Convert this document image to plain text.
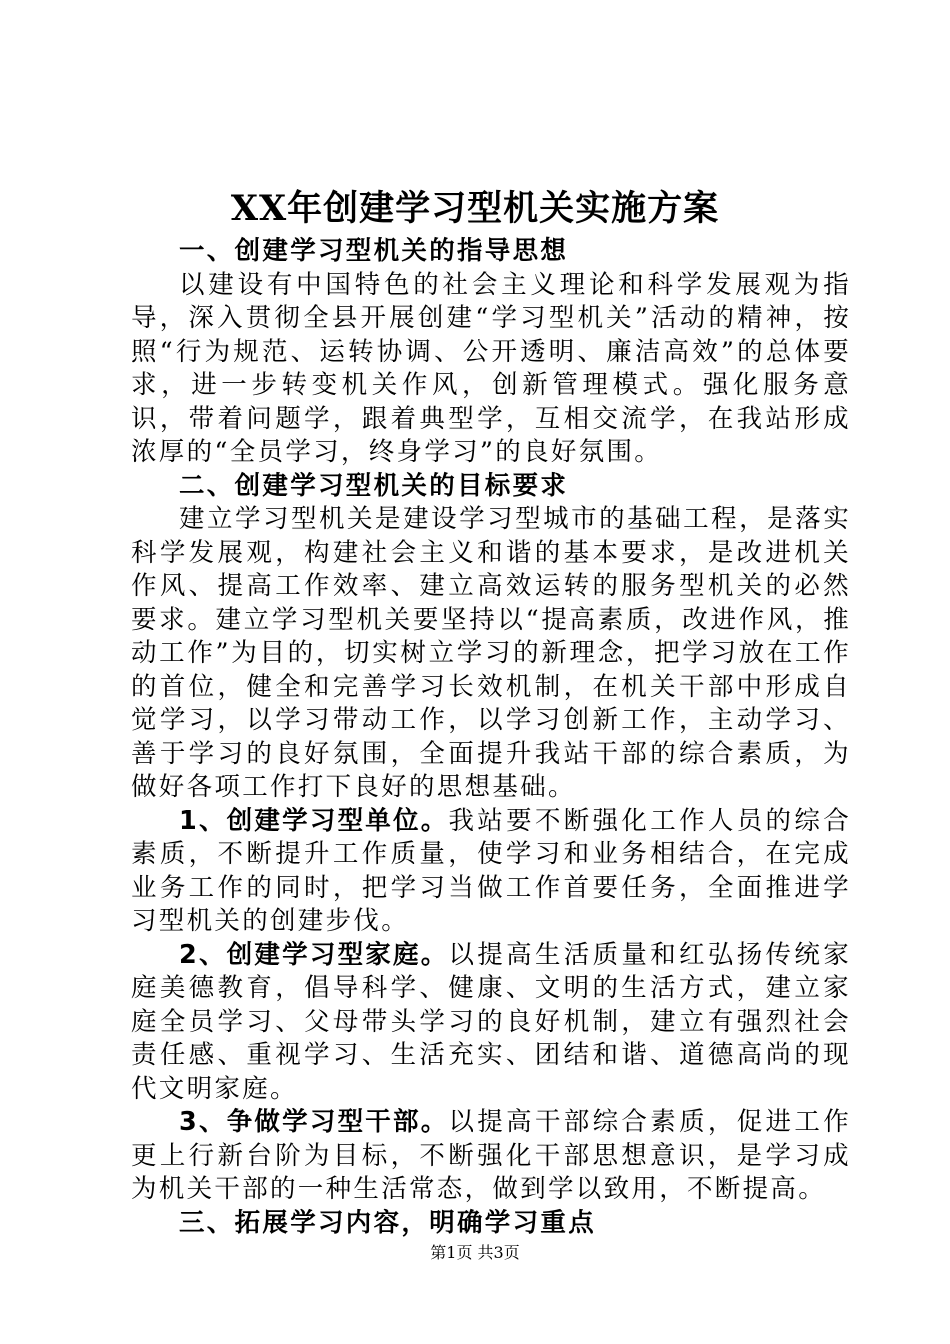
XX年创建学习型机关实施方案

一、创建学习型机关的指导思想

以建设有中国特色的社会主义理论和科学发展观为指导，深入贯彻全县开展创建“学习型机关”活动的精神，按照“行为规范、运转协调、公开透明、廉洁高效”的总体要求，进一步转变机关作风，创新管理模式。强化服务意识，带着问题学，跟着典型学，互相交流学，在我站形成浓厚的“全员学习，终身学习”的良好氛围。

二、创建学习型机关的目标要求

建立学习型机关是建设学习型城市的基础工程，是落实科学发展观，构建社会主义和谐的基本要求，是改进机关作风、提高工作效率、建立高效运转的服务型机关的必然要求。建立学习型机关要坚持以“提高素质，改进作风，推动工作”为目的，切实树立学习的新理念，把学习放在工作的首位，健全和完善学习长效机制，在机关干部中形成自觉学习，以学习带动工作，以学习创新工作，主动学习、善于学习的良好氛围，全面提升我站干部的综合素质，为做好各项工作打下良好的思想基础。

1、创建学习型单位。我站要不断强化工作人员的综合素质，不断提升工作质量，使学习和业务相结合，在完成业务工作的同时，把学习当做工作首要任务，全面推进学习型机关的创建步伐。

2、创建学习型家庭。以提高生活质量和红弘扬传统家庭美德教育，倡导科学、健康、文明的生活方式，建立家庭全员学习、父母带头学习的良好机制，建立有强烈社会责任感、重视学习、生活充实、团结和谐、道德高尚的现代文明家庭。

3、争做学习型干部。以提高干部综合素质，促进工作更上行新台阶为目标，不断强化干部思想意识，是学习成为机关干部的一种生活常态，做到学以致用，不断提高。

三、拓展学习内容，明确学习重点

第1页 共3页
